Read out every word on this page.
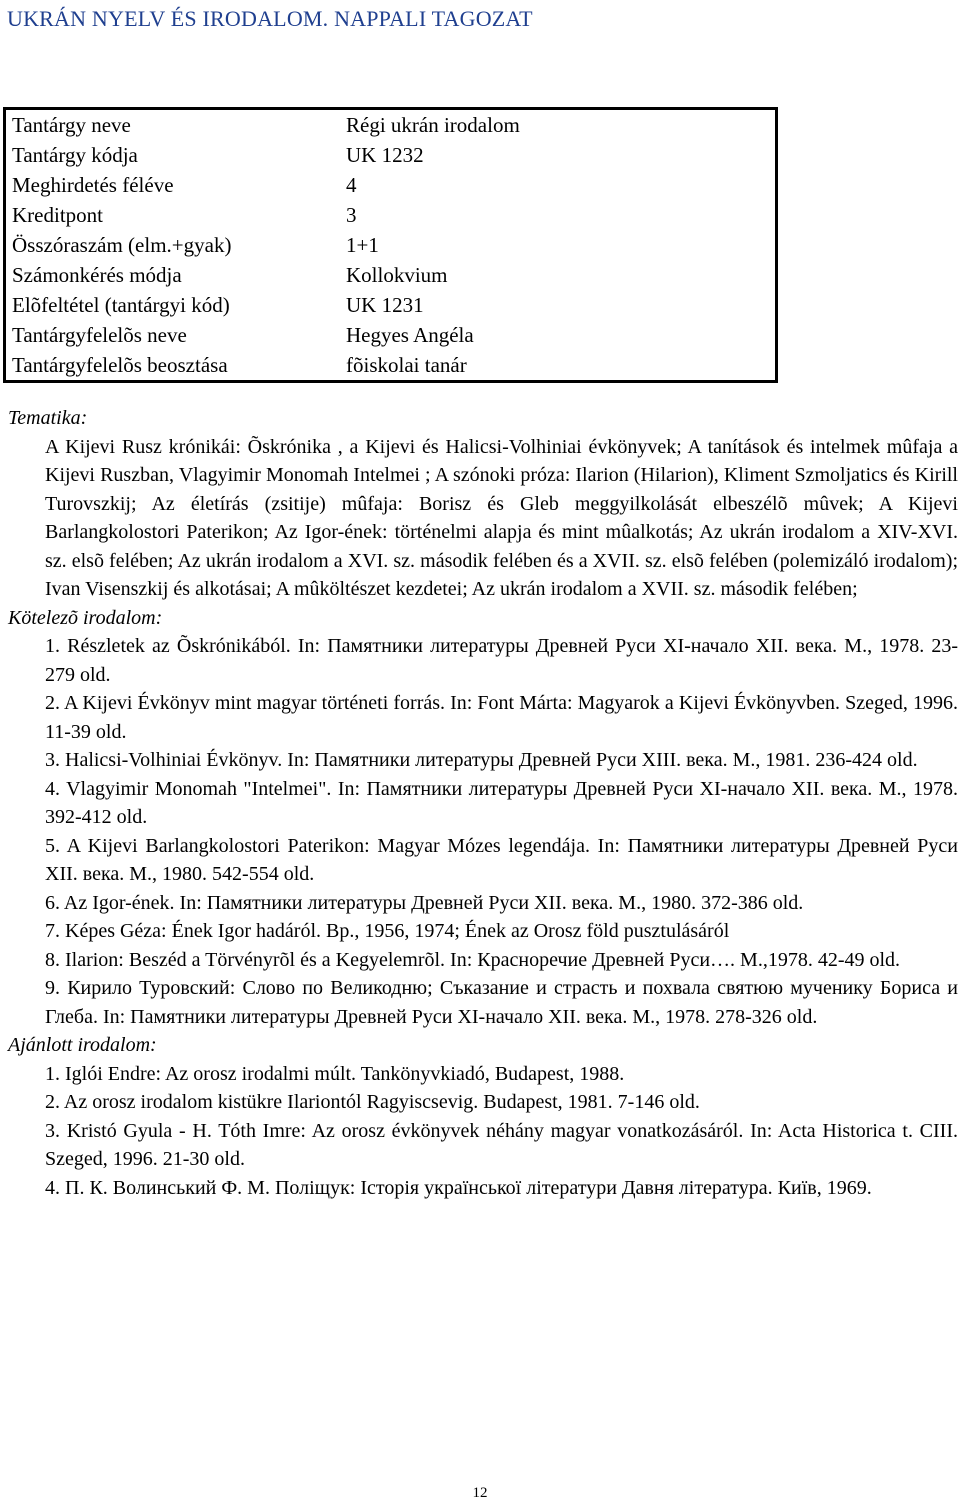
UKRÁN NYELV ÉS IRODALOM. NAPPALI TAGOZAT
Tantárgy neve	Régi ukrán irodalom
Tantárgy kódja	UK 1232
Meghirdetés féléve	4
Kreditpont	3
Összóraszám (elm.+gyak)	1+1
Számonkérés módja	Kollokvium
Elõfeltétel (tantárgyi kód)	UK 1231
Tantárgyfelelõs neve	Hegyes Angéla
Tantárgyfelelõs beosztása	fõiskolai tanár
Tematika:
A Kijevi Rusz krónikái: Õskrónika , a Kijevi és Halicsi-Volhiniai évkönyvek; A tanítások és intelmek mûfaja a Kijevi Ruszban, Vlagyimir Monomah Intelmei ; A szónoki próza: Ilarion (Hilarion), Kliment Szmoljatics és Kirill Turovszkij; Az életírás (zsitije) mûfaja: Borisz és Gleb meggyilkolását elbeszélõ mûvek; A Kijevi Barlangkolostori Paterikon; Az Igor-ének: történelmi alapja és mint mûalkotás; Az ukrán irodalom a XIV-XVI. sz. elsõ felében; Az ukrán irodalom a XVI. sz. második felében és a XVII. sz. elsõ felében (polemizáló irodalom); Ivan Visenszkij és alkotásai; A mûköltészet kezdetei; Az ukrán irodalom a XVII. sz. második felében;
Kötelezõ irodalom:
1. Részletek az Õskrónikából. In: Памятники литературы Древней Руси XI-начало XII. века. M., 1978. 23-279 old.
2. A Kijevi Évkönyv mint magyar történeti forrás. In: Font Márta: Magyarok a Kijevi Évkönyvben. Szeged, 1996. 11-39 old.
3. Halicsi-Volhiniai Évkönyv. In: Памятники литературы Древней Руси XIII. века. M., 1981. 236-424 old.
4. Vlagyimir Monomah "Intelmei". In: Памятники литературы Древней Руси XI-начало XII. века. M., 1978. 392-412 old.
5. A Kijevi Barlangkolostori Paterikon: Magyar Mózes legendája. In: Памятники литературы Древней Руси XII. века. M., 1980. 542-554 old.
6. Az Igor-ének. In: Памятники литературы Древней Руси XII. века. M., 1980. 372-386 old.
7. Képes Géza: Ének Igor hadáról. Bp., 1956, 1974; Ének az Orosz föld pusztulásáról
8. Ilarion: Beszéd a Törvényrõl és a Kegyelemrõl. In: Красноречие Древней Руси…. M.,1978. 42-49 old.
9. Кирило Туровский: Слово по Великодню; Съказание и страсть и похвала святюю мученику Бориса и Глеба. In: Памятники литературы Древней Руси XI-начало XII. века. M., 1978. 278-326 old.
Ajánlott irodalom:
1. Iglói Endre: Az orosz irodalmi múlt. Tankönyvkiadó, Budapest, 1988.
2. Az orosz irodalom kistükre Ilariontól Ragyiscsevig. Budapest, 1981. 7-146 old.
3. Kristó Gyula - H. Tóth Imre: Az orosz évkönyvek néhány magyar vonatkozásáról. In: Acta Historica t. CIII. Szeged, 1996. 21-30 old.
4. П. К. Волинський Ф. М. Поліщук: Історія української літератури Давня література. Київ, 1969.
12
